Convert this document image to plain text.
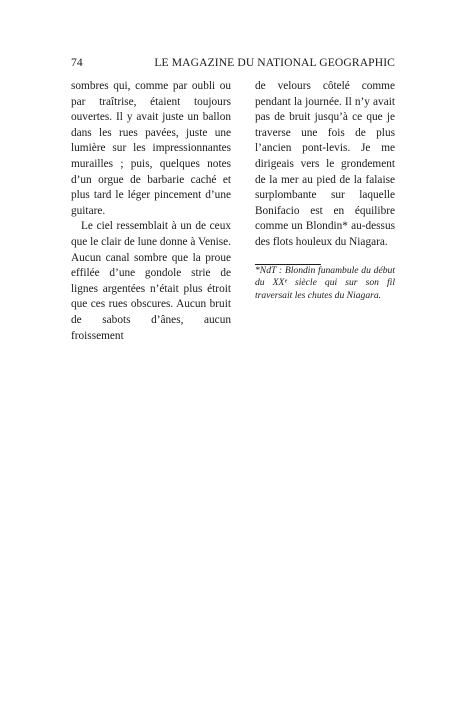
74	LE MAGAZINE DU NATIONAL GEOGRAPHIC

sombres qui, comme par oubli ou par traîtrise, étaient toujours ouvertes. Il y avait juste un ballon dans les rues pavées, juste une lumière sur les impressionnantes murailles ; puis, quelques notes d’un orgue de barbarie caché et plus tard le léger pincement d’une guitare.

Le ciel ressemblait à un de ceux que le clair de lune donne à Venise. Aucun canal sombre que la proue effilée d’une gondole strie de lignes argentées n’était plus étroit que ces rues obscures. Aucun bruit de sabots d’ânes, aucun froissement

de velours côtelé comme pendant la journée. Il n’y avait pas de bruit jusqu’à ce que je traverse une fois de plus l’ancien pont-levis. Je me dirigeais vers le grondement de la mer au pied de la falaise surplombante sur laquelle Bonifacio est en équilibre comme un Blondin* au-dessus des flots houleux du Niagara.

*NdT : Blondin funambule du début du XXᵉ siècle qui sur son fil traversait les chutes du Niagara.
